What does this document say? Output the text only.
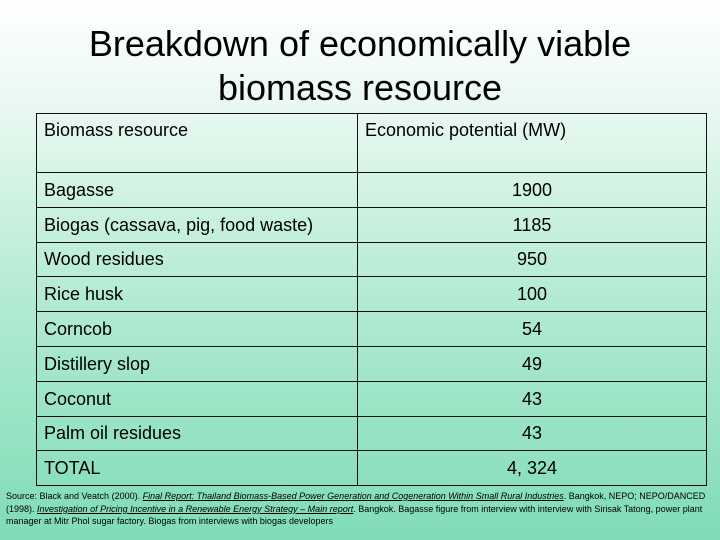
Breakdown of economically viable
biomass resource
Biomass resource	Economic potential (MW)
Bagasse	1900
Biogas (cassava, pig, food waste)	1185
Wood residues	950
Rice husk	100
Corncob	54
Distillery slop	49
Coconut	43
Palm oil residues	43
TOTAL	4, 324
Source: Black and Veatch (2000). Final Report: Thailand Biomass-Based Power Generation and Cogeneration Within Small Rural Industries. Bangkok, NEPO; NEPO/DANCED (1998). Investigation of Pricing Incentive in a Renewable Energy Strategy – Main report. Bangkok. Bagasse figure from interview with interview with Sirisak Tatong, power plant manager at Mitr Phol sugar factory. Biogas from interviews with biogas developers
